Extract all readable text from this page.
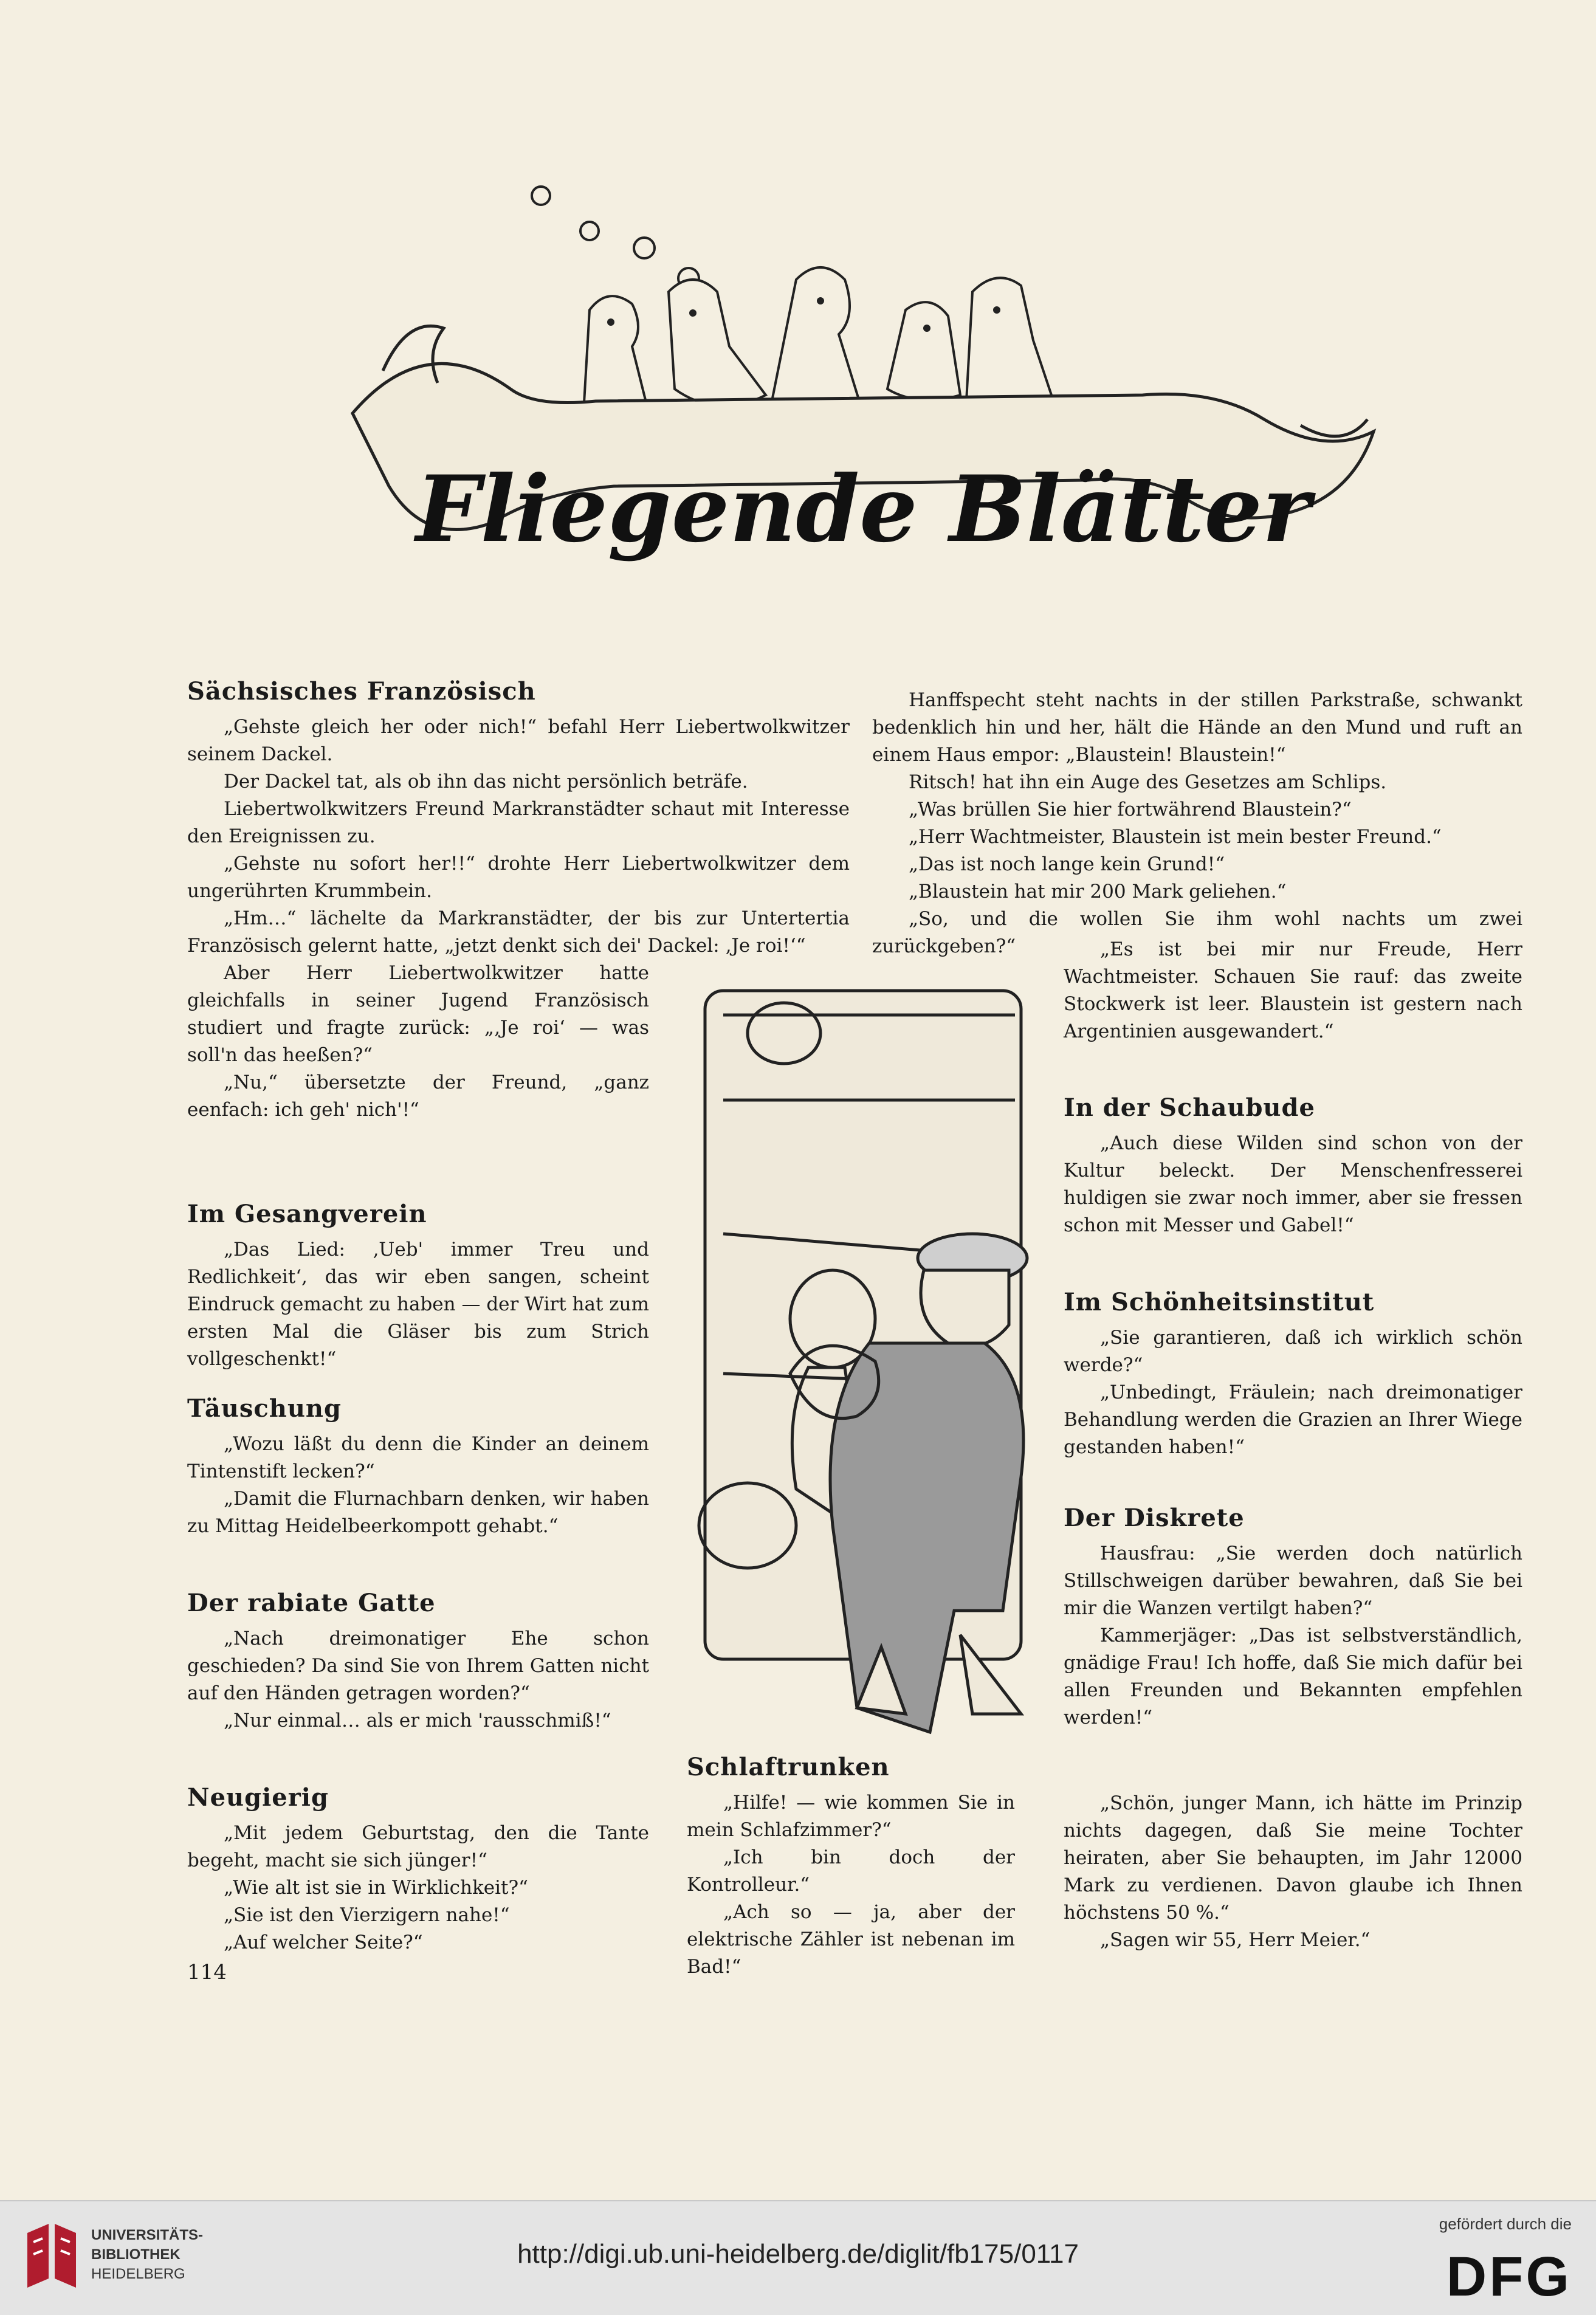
Fliegende Blätter
Sächsisches Französisch

„Gehste gleich her oder nich!“ befahl Herr Liebertwolkwitzer seinem Dackel.

Der Dackel tat, als ob ihn das nicht persönlich beträfe.

Liebertwolkwitzers Freund Markranstädter schaut mit Interesse den Ereignissen zu.

„Gehste nu sofort her!!“ drohte Herr Liebertwolkwitzer dem ungerührten Krummbein.

„Hm…“ lächelte da Markranstädter, der bis zur Untertertia Französisch gelernt hatte, „jetzt denkt sich dei' Dackel: ‚Je roi!‘“

Aber Herr Liebertwolkwitzer hatte gleichfalls in seiner Jugend Französisch studiert und fragte zurück: „‚Je roi‘ — was soll'n das heeßen?“

„Nu,“ übersetzte der Freund, „ganz eenfach: ich geh' nich'!“

Im Gesangverein

„Das Lied: ‚Ueb' immer Treu und Redlichkeit‘, das wir eben sangen, scheint Eindruck gemacht zu haben — der Wirt hat zum ersten Mal die Gläser bis zum Strich vollgeschenkt!“

Täuschung

„Wozu läßt du denn die Kinder an deinem Tintenstift lecken?“

„Damit die Flurnachbarn denken, wir haben zu Mittag Heidelbeerkompott gehabt.“

Der rabiate Gatte

„Nach dreimonatiger Ehe schon geschieden? Da sind Sie von Ihrem Gatten nicht auf den Händen getragen worden?“

„Nur einmal… als er mich 'rausschmiß!“

Neugierig

„Mit jedem Geburtstag, den die Tante begeht, macht sie sich jünger!“

„Wie alt ist sie in Wirklichkeit?“

„Sie ist den Vierzigern nahe!“

„Auf welcher Seite?“

Hanffspecht steht nachts in der stillen Parkstraße, schwankt bedenklich hin und her, hält die Hände an den Mund und ruft an einem Haus empor: „Blaustein! Blaustein!“

Ritsch! hat ihn ein Auge des Gesetzes am Schlips.

„Was brüllen Sie hier fortwährend Blaustein?“

„Herr Wachtmeister, Blaustein ist mein bester Freund.“

„Das ist noch lange kein Grund!“

„Blaustein hat mir 200 Mark geliehen.“

„So, und die wollen Sie ihm wohl nachts um zwei zurückgeben?“	„Es ist bei mir nur Freude, Herr Wachtmeister. Schauen Sie rauf: das zweite Stockwerk ist leer. Blaustein ist gestern nach Argentinien ausgewandert.“

In der Schaubude

„Auch diese Wilden sind schon von der Kultur beleckt. Der Menschenfresserei huldigen sie zwar noch immer, aber sie fressen schon mit Messer und Gabel!“

Im Schönheitsinstitut

„Sie garantieren, daß ich wirklich schön werde?“

„Unbedingt, Fräulein; nach dreimonatiger Behandlung werden die Grazien an Ihrer Wiege gestanden haben!“

Der Diskrete

Hausfrau: „Sie werden doch natürlich Stillschweigen darüber bewahren, daß Sie bei mir die Wanzen vertilgt haben?“

Kammerjäger: „Das ist selbstverständlich, gnädige Frau! Ich hoffe, daß Sie mich dafür bei allen Freunden und Bekannten empfehlen werden!“

„Schön, junger Mann, ich hätte im Prinzip nichts dagegen, daß Sie meine Tochter heiraten, aber Sie behaupten, im Jahr 12000 Mark zu verdienen. Davon glaube ich Ihnen höchstens 50 %.“

„Sagen wir 55, Herr Meier.“

Schlaftrunken

„Hilfe! — wie kommen Sie in mein Schlafzimmer?“

„Ich bin doch der Kontrolleur.“

„Ach so — ja, aber der elektrische Zähler ist nebenan im Bad!“

114
UNIVERSITÄTS-
BIBLIOTHEK
HEIDELBERG
http://digi.ub.uni-heidelberg.de/diglit/fb175/0117
gefördert durch die
DFG
